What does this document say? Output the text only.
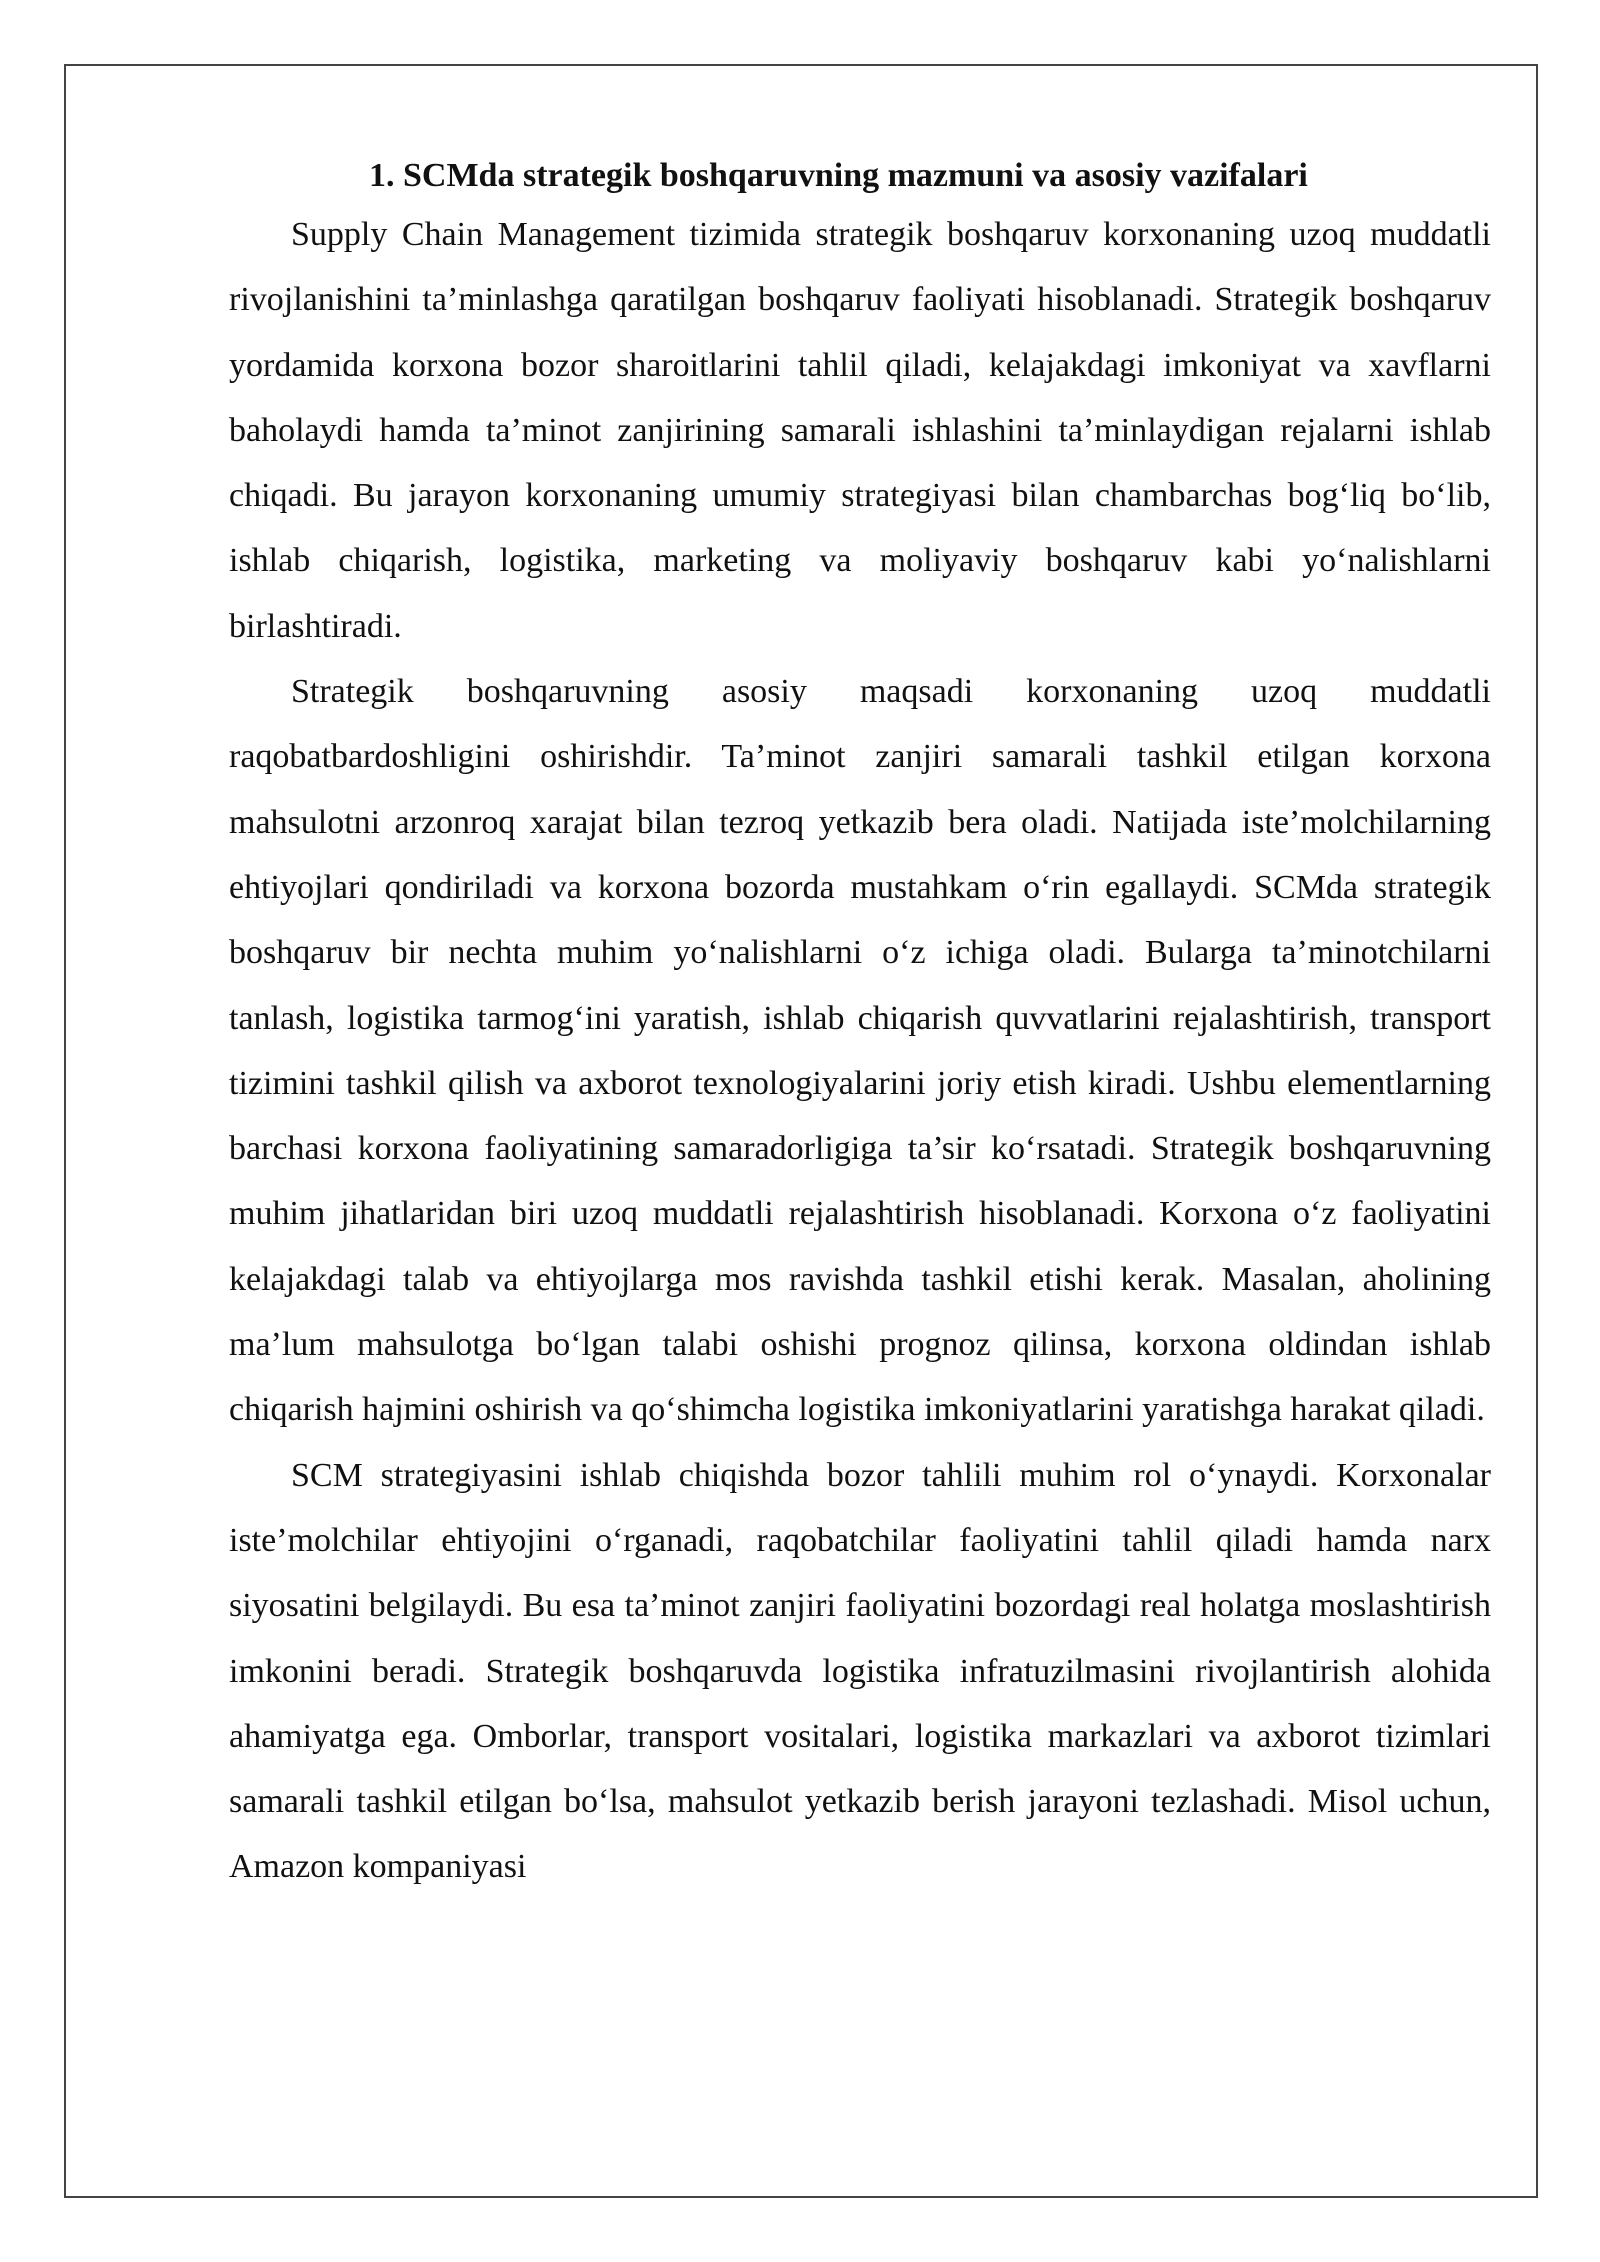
1. SCMda strategik boshqaruvning mazmuni va asosiy vazifalari

Supply Chain Management tizimida strategik boshqaruv korxonaning uzoq muddatli rivojlanishini ta’minlashga qaratilgan boshqaruv faoliyati hisoblanadi. Strategik boshqaruv yordamida korxona bozor sharoitlarini tahlil qiladi, kelajakdagi imkoniyat va xavflarni baholaydi hamda ta’minot zanjirining samarali ishlashini ta’minlaydigan rejalarni ishlab chiqadi. Bu jarayon korxonaning umumiy strategiyasi bilan chambarchas bog‘liq bo‘lib, ishlab chiqarish, logistika, marketing va moliyaviy boshqaruv kabi yo‘nalishlarni birlashtiradi.

Strategik boshqaruvning asosiy maqsadi korxonaning uzoq muddatli raqobatbardoshligini oshirishdir. Ta’minot zanjiri samarali tashkil etilgan korxona mahsulotni arzonroq xarajat bilan tezroq yetkazib bera oladi. Natijada iste’molchilarning ehtiyojlari qondiriladi va korxona bozorda mustahkam o‘rin egallaydi. SCMda strategik boshqaruv bir nechta muhim yo‘nalishlarni o‘z ichiga oladi. Bularga ta’minotchilarni tanlash, logistika tarmog‘ini yaratish, ishlab chiqarish quvvatlarini rejalashtirish, transport tizimini tashkil qilish va axborot texnologiyalarini joriy etish kiradi. Ushbu elementlarning barchasi korxona faoliyatining samaradorligiga ta’sir ko‘rsatadi. Strategik boshqaruvning muhim jihatlaridan biri uzoq muddatli rejalashtirish hisoblanadi. Korxona o‘z faoliyatini kelajakdagi talab va ehtiyojlarga mos ravishda tashkil etishi kerak. Masalan, aholining ma’lum mahsulotga bo‘lgan talabi oshishi prognoz qilinsa, korxona oldindan ishlab chiqarish hajmini oshirish va qo‘shimcha logistika imkoniyatlarini yaratishga harakat qiladi.

SCM strategiyasini ishlab chiqishda bozor tahlili muhim rol o‘ynaydi. Korxonalar iste’molchilar ehtiyojini o‘rganadi, raqobatchilar faoliyatini tahlil qiladi hamda narx siyosatini belgilaydi. Bu esa ta’minot zanjiri faoliyatini bozordagi real holatga moslashtirish imkonini beradi. Strategik boshqaruvda logistika infratuzilmasini rivojlantirish alohida ahamiyatga ega. Omborlar, transport vositalari, logistika markazlari va axborot tizimlari samarali tashkil etilgan bo‘lsa, mahsulot yetkazib berish jarayoni tezlashadi. Misol uchun, Amazon kompaniyasi
